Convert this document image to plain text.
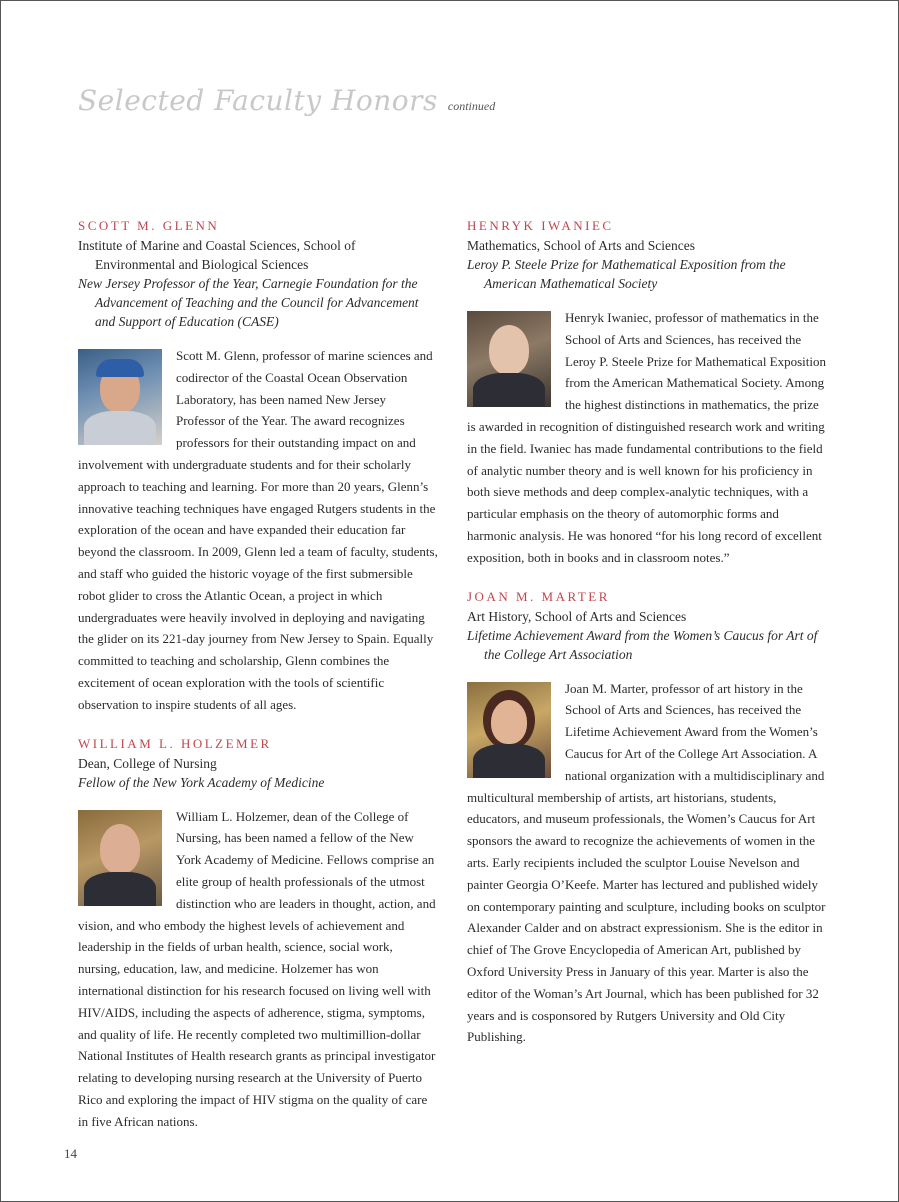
Selected Faculty Honors continued
SCOTT M. GLENN
Institute of Marine and Coastal Sciences, School of Environmental and Biological Sciences
New Jersey Professor of the Year, Carnegie Foundation for the Advancement of Teaching and the Council for Advancement and Support of Education (CASE)
Scott M. Glenn, professor of marine sciences and codirector of the Coastal Ocean Observation Laboratory, has been named New Jersey Professor of the Year. The award recognizes professors for their outstanding impact on and involvement with undergraduate students and for their scholarly approach to teaching and learning. For more than 20 years, Glenn’s innovative teaching techniques have engaged Rutgers students in the exploration of the ocean and have expanded their education far beyond the classroom. In 2009, Glenn led a team of faculty, students, and staff who guided the historic voyage of the first submersible robot glider to cross the Atlantic Ocean, a project in which undergraduates were heavily involved in deploying and navigating the glider on its 221-day journey from New Jersey to Spain. Equally committed to teaching and scholarship, Glenn combines the excitement of ocean exploration with the tools of scientific observation to inspire students of all ages.
WILLIAM L. HOLZEMER
Dean, College of Nursing
Fellow of the New York Academy of Medicine
William L. Holzemer, dean of the College of Nursing, has been named a fellow of the New York Academy of Medicine. Fellows comprise an elite group of health professionals of the utmost distinction who are leaders in thought, action, and vision, and who embody the highest levels of achievement and leadership in the fields of urban health, science, social work, nursing, education, law, and medicine. Holzemer has won international distinction for his research focused on living well with HIV/AIDS, including the aspects of adherence, stigma, symptoms, and quality of life. He recently completed two multimillion-dollar National Institutes of Health research grants as principal investigator relating to developing nursing research at the University of Puerto Rico and exploring the impact of HIV stigma on the quality of care in five African nations.
HENRYK IWANIEC
Mathematics, School of Arts and Sciences
Leroy P. Steele Prize for Mathematical Exposition from the American Mathematical Society
Henryk Iwaniec, professor of mathematics in the School of Arts and Sciences, has received the Leroy P. Steele Prize for Mathematical Exposition from the American Mathematical Society. Among the highest distinctions in mathematics, the prize is awarded in recognition of distinguished research work and writing in the field. Iwaniec has made fundamental contributions to the field of analytic number theory and is well known for his proficiency in both sieve methods and deep complex-analytic techniques, with a particular emphasis on the theory of automorphic forms and harmonic analysis. He was honored “for his long record of excellent exposition, both in books and in classroom notes.”
JOAN M. MARTER
Art History, School of Arts and Sciences
Lifetime Achievement Award from the Women’s Caucus for Art of the College Art Association
Joan M. Marter, professor of art history in the School of Arts and Sciences, has received the Lifetime Achievement Award from the Women’s Caucus for Art of the College Art Association. A national organization with a multidisciplinary and multicultural membership of artists, art historians, students, educators, and museum professionals, the Women’s Caucus for Art sponsors the award to recognize the achievements of women in the arts. Early recipients included the sculptor Louise Nevelson and painter Georgia O’Keefe. Marter has lectured and published widely on contemporary painting and sculpture, including books on sculptor Alexander Calder and on abstract expressionism. She is the editor in chief of The Grove Encyclopedia of American Art, published by Oxford University Press in January of this year. Marter is also the editor of the Woman’s Art Journal, which has been published for 32 years and is cosponsored by Rutgers University and Old City Publishing.
14
